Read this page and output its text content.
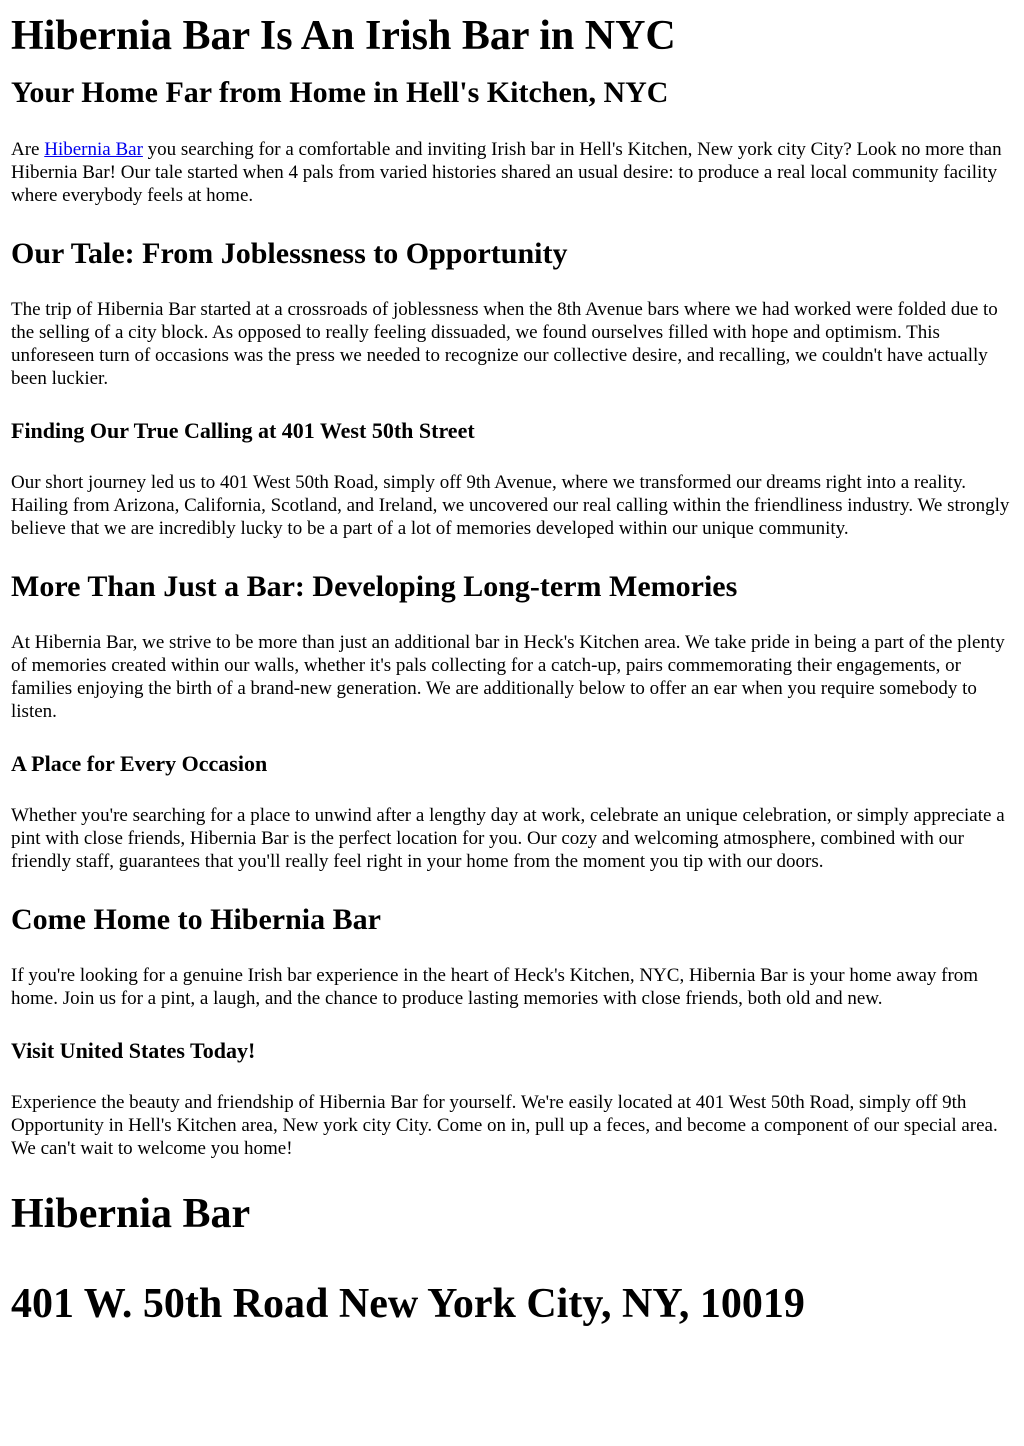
Hibernia Bar Is An Irish Bar in NYC
Your Home Far from Home in Hell's Kitchen, NYC

Are Hibernia Bar you searching for a comfortable and inviting Irish bar in Hell's Kitchen, New york city City? Look no more than Hibernia Bar! Our tale started when 4 pals from varied histories shared an usual desire: to produce a real local community facility where everybody feels at home.

Our Tale: From Joblessness to Opportunity

The trip of Hibernia Bar started at a crossroads of joblessness when the 8th Avenue bars where we had worked were folded due to the selling of a city block. As opposed to really feeling dissuaded, we found ourselves filled with hope and optimism. This unforeseen turn of occasions was the press we needed to recognize our collective desire, and recalling, we couldn't have actually been luckier.

Finding Our True Calling at 401 West 50th Street

Our short journey led us to 401 West 50th Road, simply off 9th Avenue, where we transformed our dreams right into a reality. Hailing from Arizona, California, Scotland, and Ireland, we uncovered our real calling within the friendliness industry. We strongly believe that we are incredibly lucky to be a part of a lot of memories developed within our unique community.

More Than Just a Bar: Developing Long-term Memories

At Hibernia Bar, we strive to be more than just an additional bar in Heck's Kitchen area. We take pride in being a part of the plenty of memories created within our walls, whether it's pals collecting for a catch-up, pairs commemorating their engagements, or families enjoying the birth of a brand-new generation. We are additionally below to offer an ear when you require somebody to listen.

A Place for Every Occasion

Whether you're searching for a place to unwind after a lengthy day at work, celebrate an unique celebration, or simply appreciate a pint with close friends, Hibernia Bar is the perfect location for you. Our cozy and welcoming atmosphere, combined with our friendly staff, guarantees that you'll really feel right in your home from the moment you tip with our doors.

Come Home to Hibernia Bar

If you're looking for a genuine Irish bar experience in the heart of Heck's Kitchen, NYC, Hibernia Bar is your home away from home. Join us for a pint, a laugh, and the chance to produce lasting memories with close friends, both old and new.

Visit United States Today!

Experience the beauty and friendship of Hibernia Bar for yourself. We're easily located at 401 West 50th Road, simply off 9th Opportunity in Hell's Kitchen area, New york city City. Come on in, pull up a feces, and become a component of our special area. We can't wait to welcome you home!

Hibernia Bar
401 W. 50th Road New York City, NY, 10019
